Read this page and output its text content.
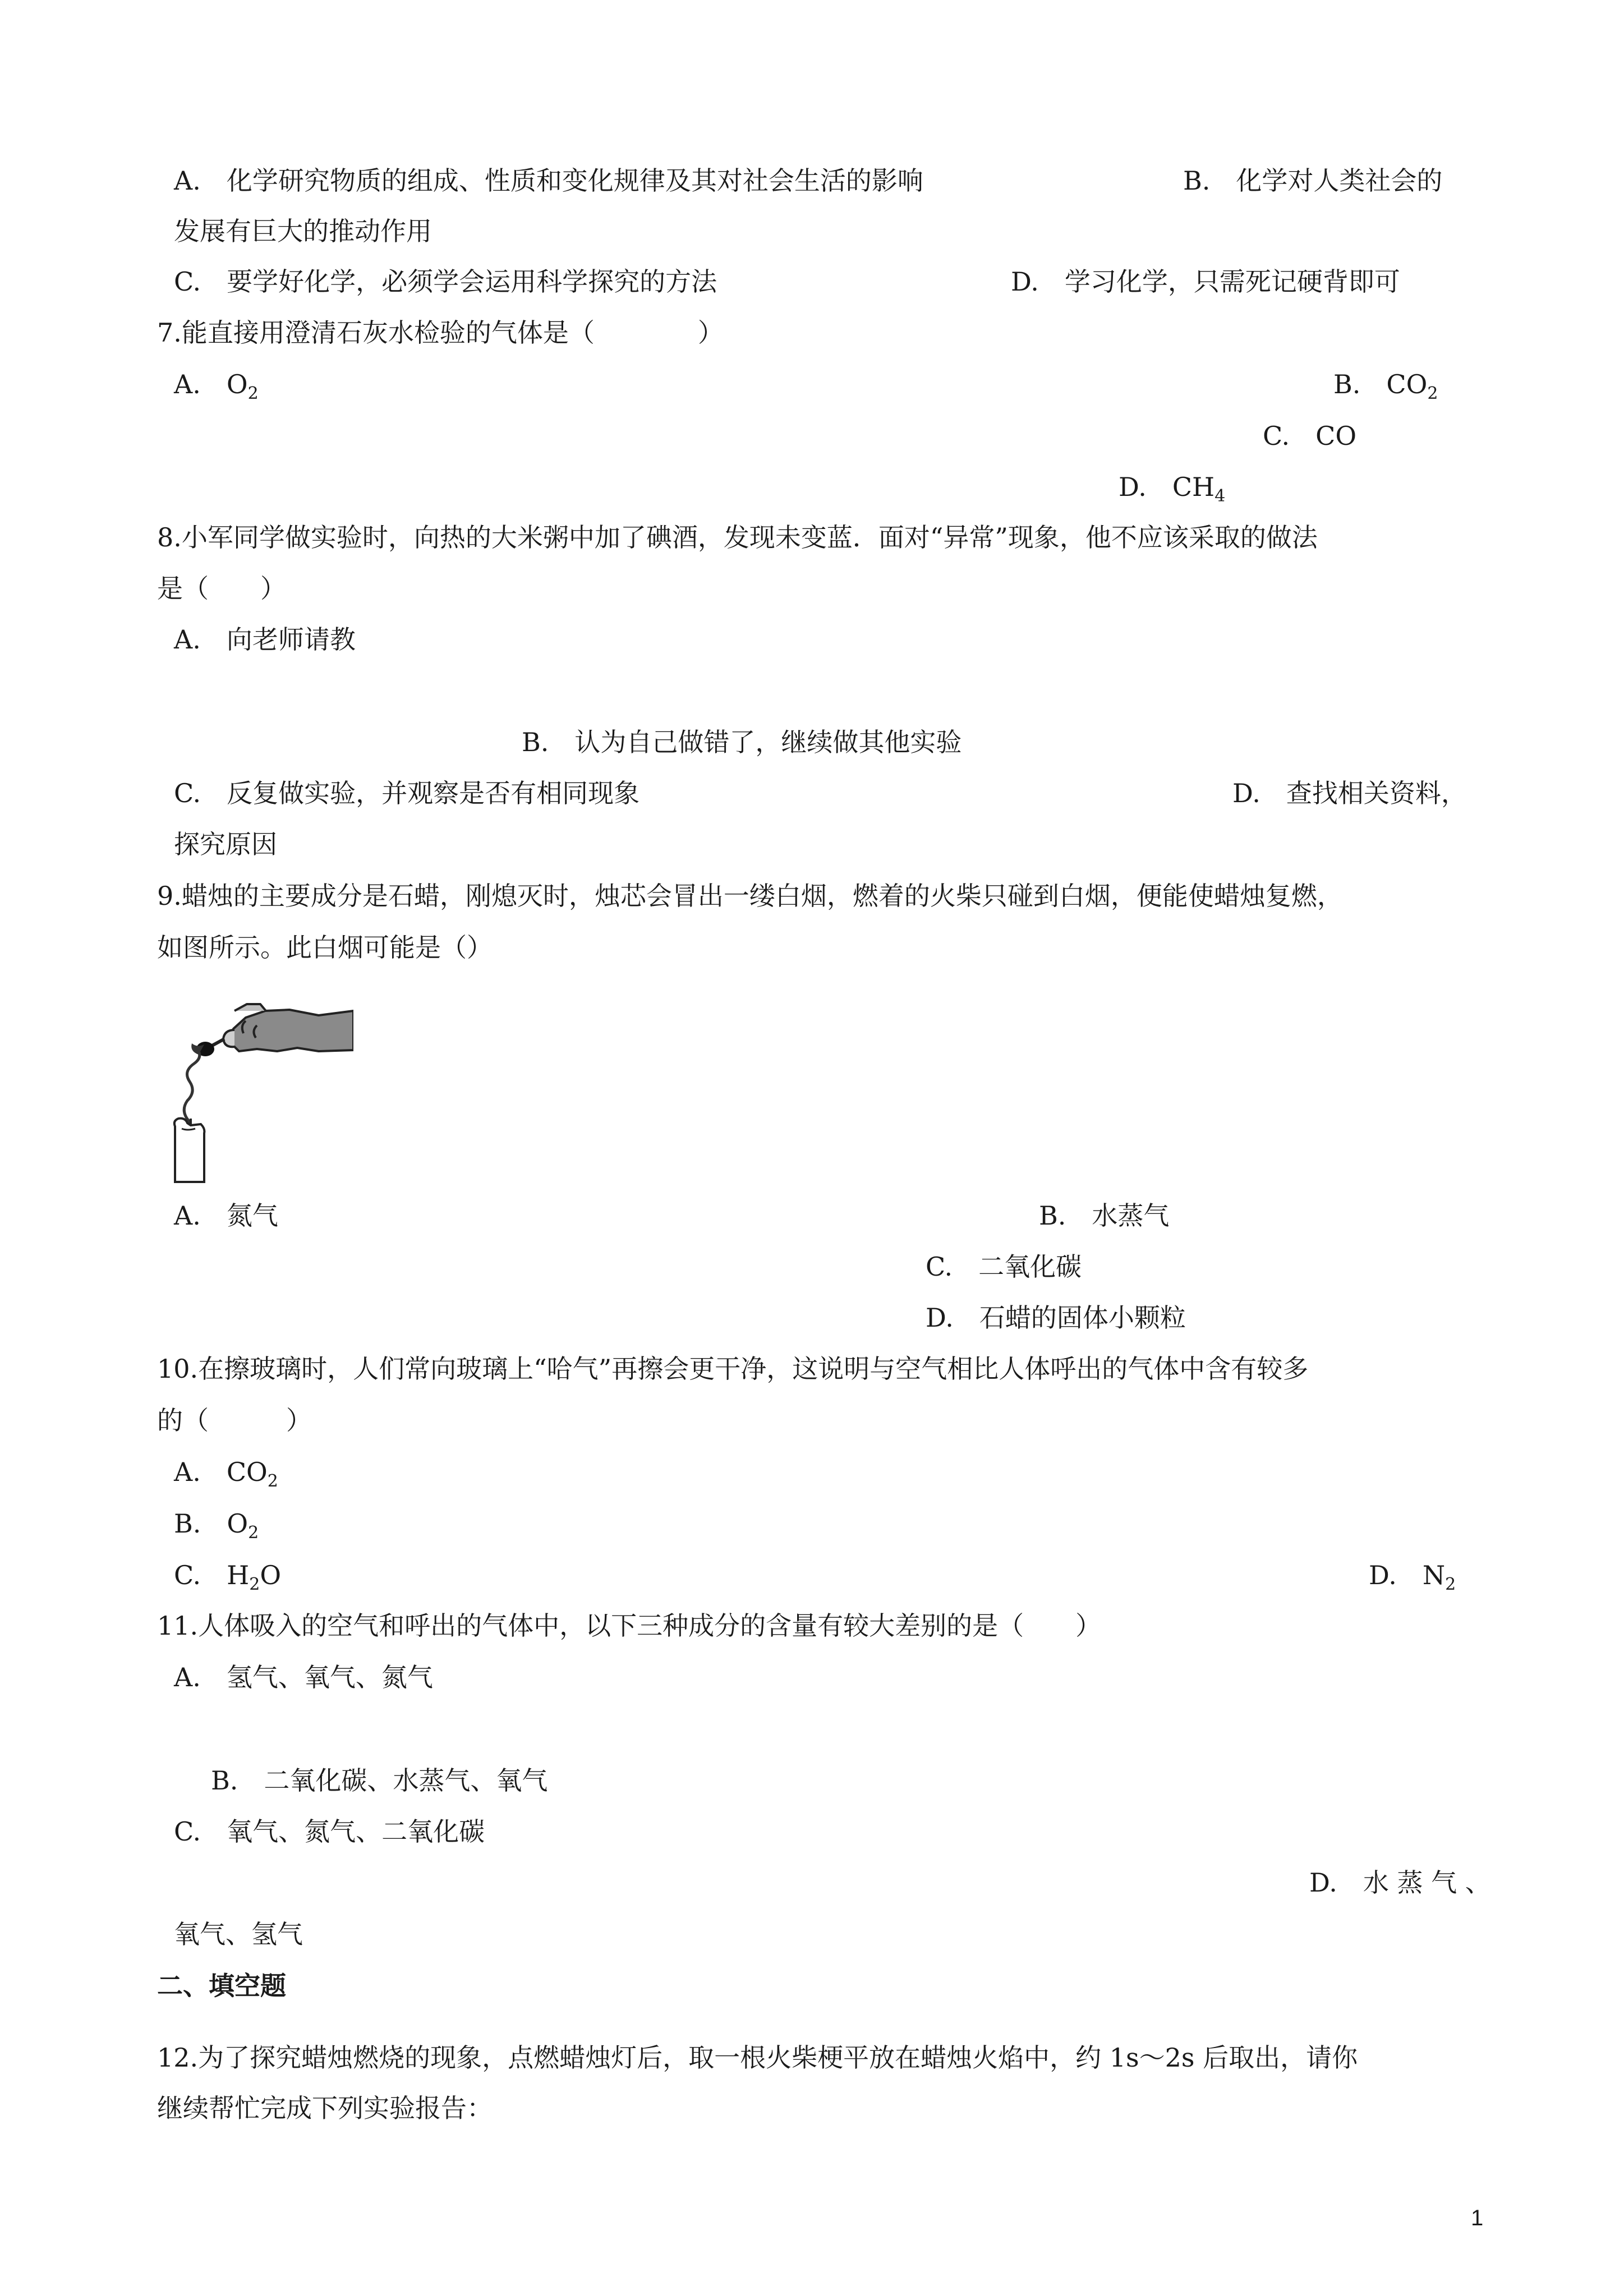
A.　化学研究物质的组成、性质和变化规律及其对社会生活的影响	B.　化学对人类社会的
发展有巨大的推动作用
C.　要学好化学，必须学会运用科学探究的方法	D.　学习化学，只需死记硬背即可
7.能直接用澄清石灰水检验的气体是（　　　　）
A.　$O_2$	B.　$CO_2$
C.　CO
D.　$CH_4$
8.小军同学做实验时，向热的大米粥中加了碘酒，发现未变蓝．面对“异常”现象，他不应该采取的做法
是（　　）
A.　向老师请教
B.　认为自己做错了，继续做其他实验
C.　反复做实验，并观察是否有相同现象	D.　查找相关资料，
探究原因
9.蜡烛的主要成分是石蜡，刚熄灭时，烛芯会冒出一缕白烟，燃着的火柴只碰到白烟，便能使蜡烛复燃，
如图所示。此白烟可能是（）
A.　氮气	B.　水蒸气
C.　二氧化碳
D.　石蜡的固体小颗粒
10.在擦玻璃时，人们常向玻璃上“哈气”再擦会更干净，这说明与空气相比人体呼出的气体中含有较多
的（　　　）
A.　$CO_2$
B.　$O_2$
C.　$H_2O$	D.　$N_2$
11.人体吸入的空气和呼出的气体中，以下三种成分的含量有较大差别的是（　　）
A.　氢气、氧气、氮气
B.　二氧化碳、水蒸气、氧气
C.　氧气、氮气、二氧化碳
D.　水 蒸 气 、
氧气、氢气
二、填空题
12.为了探究蜡烛燃烧的现象，点燃蜡烛灯后，取一根火柴梗平放在蜡烛火焰中，约 1s～2s 后取出，请你
继续帮忙完成下列实验报告：
1
